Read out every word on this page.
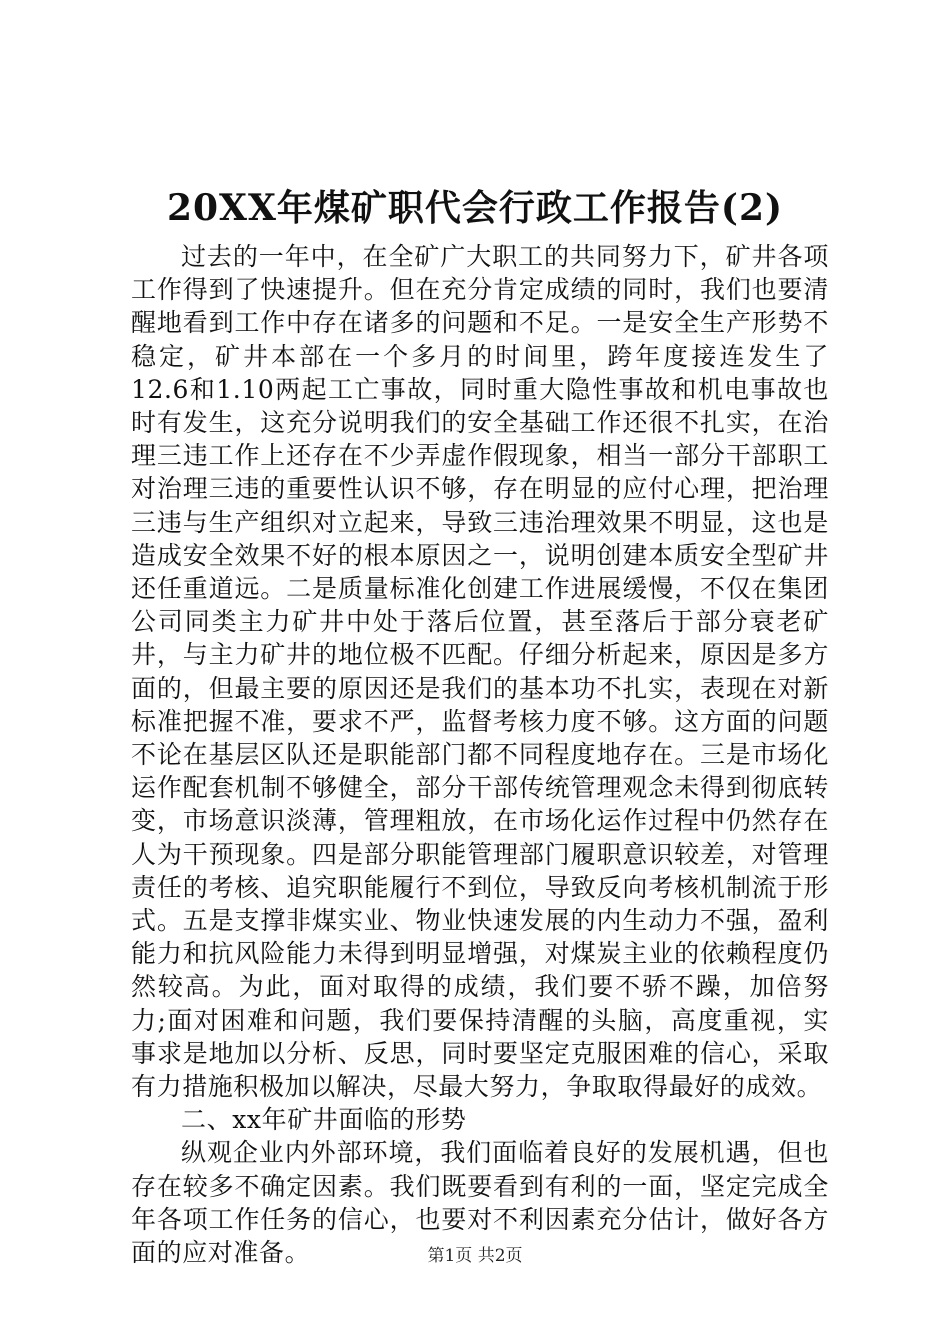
20XX年煤矿职代会行政工作报告(2)

过去的一年中，在全矿广大职工的共同努力下，矿井各项工作得到了快速提升。但在充分肯定成绩的同时，我们也要清醒地看到工作中存在诸多的问题和不足。一是安全生产形势不稳定，矿井本部在一个多月的时间里，跨年度接连发生了12.6和1.10两起工亡事故，同时重大隐性事故和机电事故也时有发生，这充分说明我们的安全基础工作还很不扎实，在治理三违工作上还存在不少弄虚作假现象，相当一部分干部职工对治理三违的重要性认识不够，存在明显的应付心理，把治理三违与生产组织对立起来，导致三违治理效果不明显，这也是造成安全效果不好的根本原因之一，说明创建本质安全型矿井还任重道远。二是质量标准化创建工作进展缓慢，不仅在集团公司同类主力矿井中处于落后位置，甚至落后于部分衰老矿井，与主力矿井的地位极不匹配。仔细分析起来，原因是多方面的，但最主要的原因还是我们的基本功不扎实，表现在对新标准把握不准，要求不严，监督考核力度不够。这方面的问题不论在基层区队还是职能部门都不同程度地存在。三是市场化运作配套机制不够健全，部分干部传统管理观念未得到彻底转变，市场意识淡薄，管理粗放，在市场化运作过程中仍然存在人为干预现象。四是部分职能管理部门履职意识较差，对管理责任的考核、追究职能履行不到位，导致反向考核机制流于形式。五是支撑非煤实业、物业快速发展的内生动力不强，盈利能力和抗风险能力未得到明显增强，对煤炭主业的依赖程度仍然较高。为此，面对取得的成绩，我们要不骄不躁，加倍努力;面对困难和问题，我们要保持清醒的头脑，高度重视，实事求是地加以分析、反思，同时要坚定克服困难的信心，采取有力措施积极加以解决，尽最大努力，争取取得最好的成效。

二、xx年矿井面临的形势

纵观企业内外部环境，我们面临着良好的发展机遇，但也存在较多不确定因素。我们既要看到有利的一面，坚定完成全年各项工作任务的信心，也要对不利因素充分估计，做好各方面的应对准备。	第1页 共2页
